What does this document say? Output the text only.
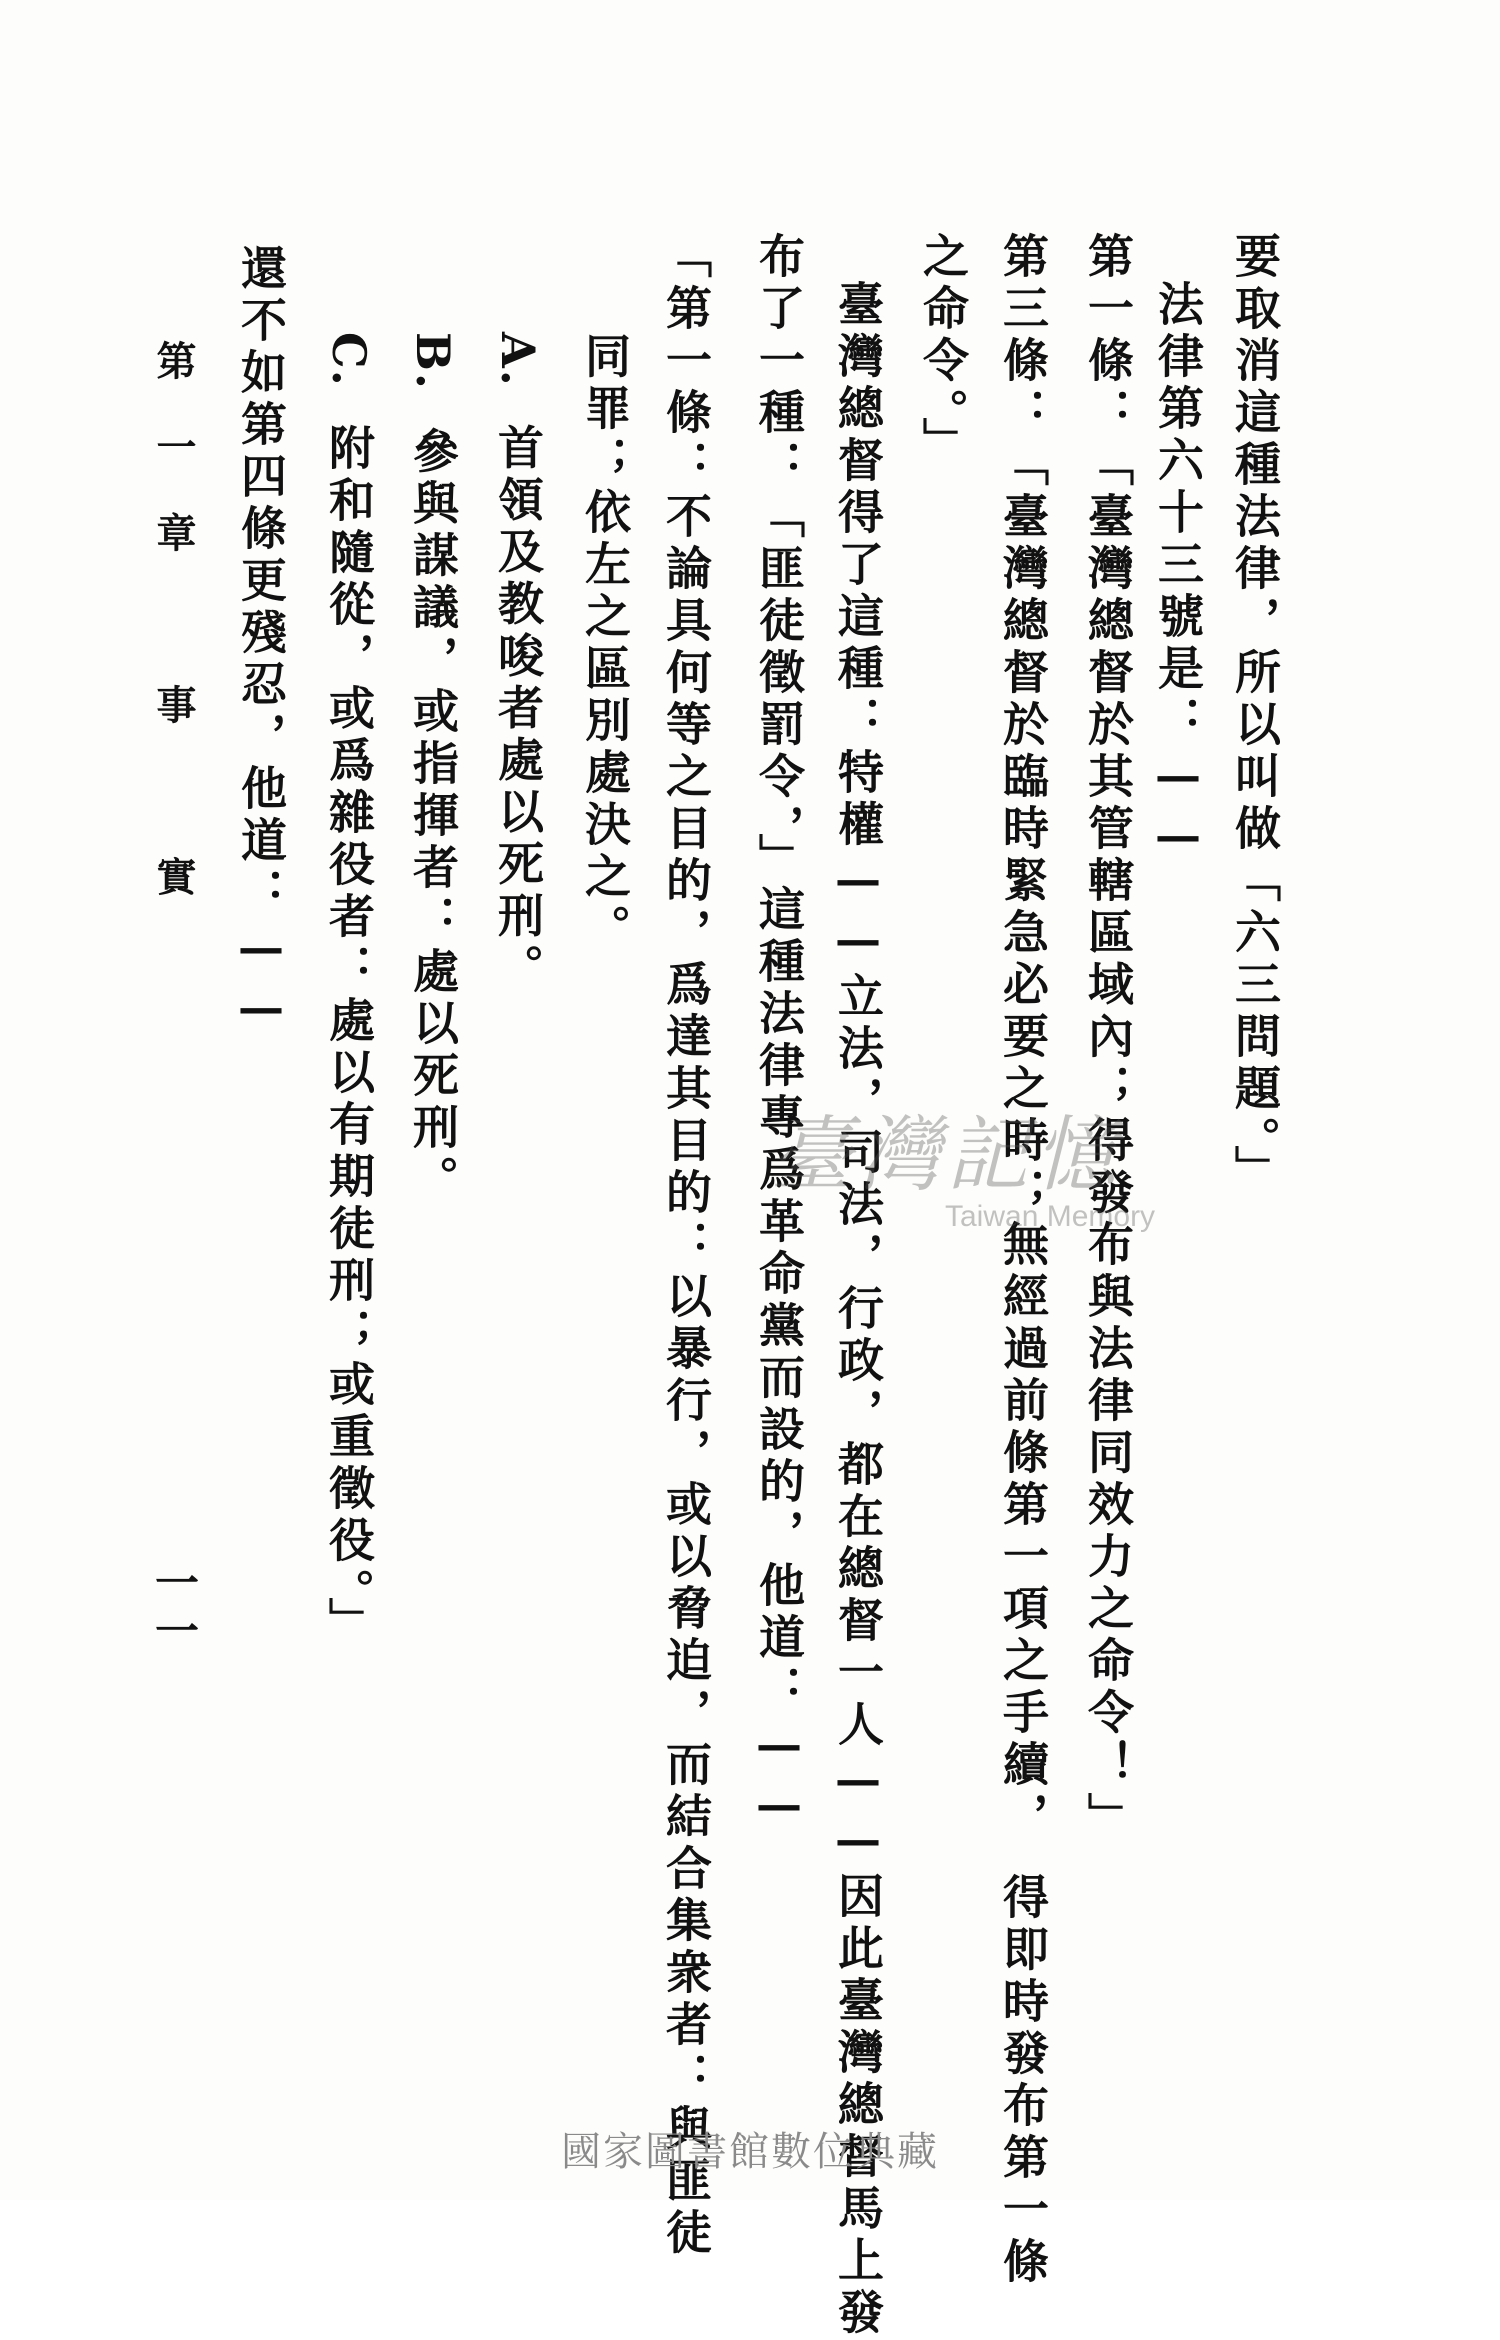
要取消這種法律，所以叫做「六三問題。」
法律第六十三號是：——
第一條：「臺灣總督於其管轄區域內；得發布與法律同效力之命令！」
第三條：「臺灣總督於臨時緊急必要之時；無經過前條第一項之手續，　得即時發布第一條
之命令。」
臺灣總督得了這種：特權——立法，司法，行政，都在總督一人——因此臺灣總督馬上發
布了一種：「匪徒徵罰令，」這種法律專爲革命黨而設的，他道：——
「第一條：不論具何等之目的，爲達其目的：以暴行，或以脅迫，而結合集衆者：與匪徒
同罪；依左之區別處決之。
A.首領及教唆者處以死刑。
B.參與謀議，或指揮者：處以死刑。
C.附和隨從，或爲雜役者：處以有期徒刑；或重徵役。」
還不如第四條更殘忍，他道：——
第一章　事　實
一一
臺灣記憶
Taiwan Memory
國家圖書館數位典藏
